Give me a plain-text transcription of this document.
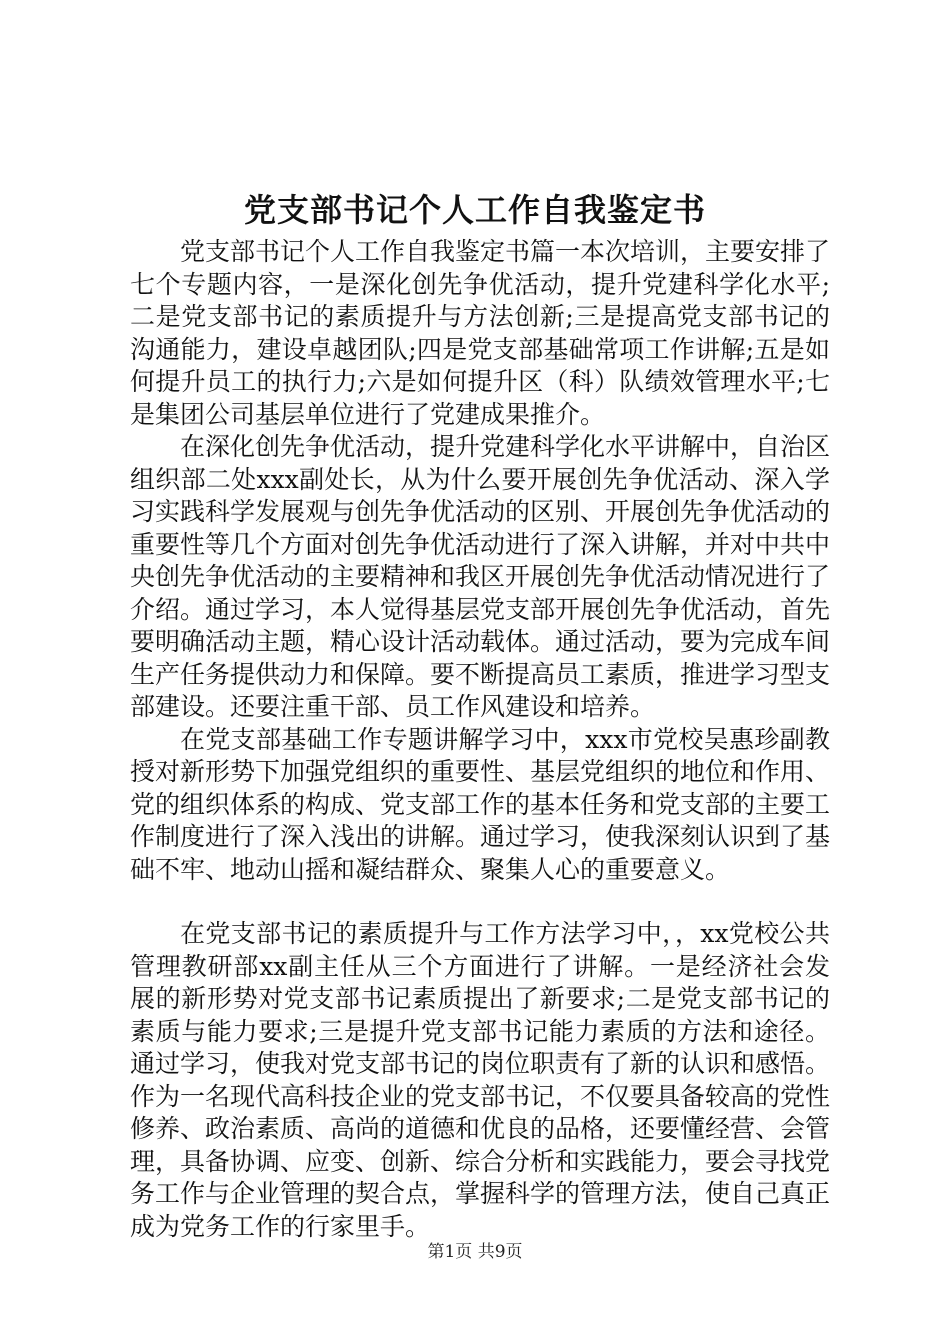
党支部书记个人工作自我鉴定书

党支部书记个人工作自我鉴定书篇一本次培训，主要安排了七个专题内容，一是深化创先争优活动，提升党建科学化水平;二是党支部书记的素质提升与方法创新;三是提高党支部书记的沟通能力，建设卓越团队;四是党支部基础常项工作讲解;五是如何提升员工的执行力;六是如何提升区（科）队绩效管理水平;七是集团公司基层单位进行了党建成果推介。

在深化创先争优活动，提升党建科学化水平讲解中，自治区组织部二处xxx副处长，从为什么要开展创先争优活动、深入学习实践科学发展观与创先争优活动的区别、开展创先争优活动的重要性等几个方面对创先争优活动进行了深入讲解，并对中共中央创先争优活动的主要精神和我区开展创先争优活动情况进行了介绍。通过学习，本人觉得基层党支部开展创先争优活动，首先要明确活动主题，精心设计活动载体。通过活动，要为完成车间生产任务提供动力和保障。要不断提高员工素质，推进学习型支部建设。还要注重干部、员工作风建设和培养。

在党支部基础工作专题讲解学习中，xxx市党校吴惠珍副教授对新形势下加强党组织的重要性、基层党组织的地位和作用、党的组织体系的构成、党支部工作的基本任务和党支部的主要工作制度进行了深入浅出的讲解。通过学习，使我深刻认识到了基础不牢、地动山摇和凝结群众、聚集人心的重要意义。

在党支部书记的素质提升与工作方法学习中，，xx党校公共管理教研部xx副主任从三个方面进行了讲解。一是经济社会发展的新形势对党支部书记素质提出了新要求;二是党支部书记的素质与能力要求;三是提升党支部书记能力素质的方法和途径。通过学习，使我对党支部书记的岗位职责有了新的认识和感悟。作为一名现代高科技企业的党支部书记，不仅要具备较高的党性修养、政治素质、高尚的道德和优良的品格，还要懂经营、会管理，具备协调、应变、创新、综合分析和实践能力，要会寻找党务工作与企业管理的契合点，掌握科学的管理方法，使自己真正成为党务工作的行家里手。

第1页 共9页
